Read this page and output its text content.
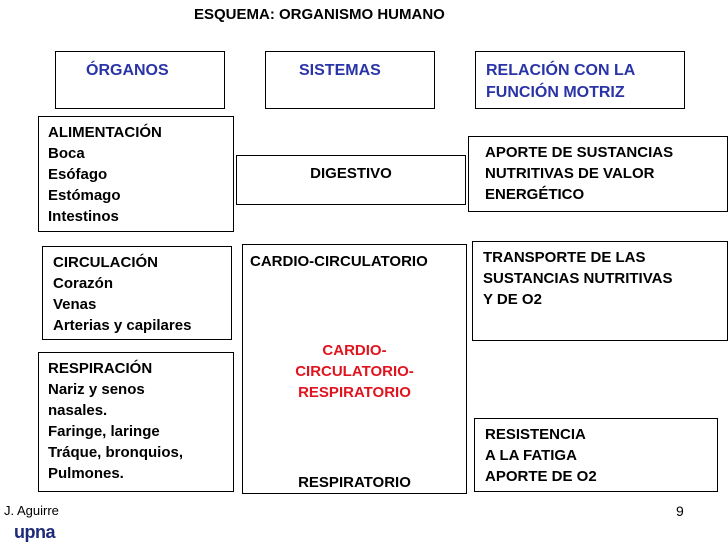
ESQUEMA: ORGANISMO HUMANO
ÓRGANOS	SISTEMAS	RELACIÓN CON LA
FUNCIÓN MOTRIZ
ALIMENTACIÓN
Boca
Esófago
Estómago
Intestinos
CIRCULACIÓN
Corazón
Venas
Arterias y capilares
RESPIRACIÓN
Nariz y senos
nasales.
Faringe, laringe
Tráque, bronquios,
Pulmones.
DIGESTIVO
CARDIO-CIRCULATORIO
CARDIO-
CIRCULATORIO-
RESPIRATORIO
RESPIRATORIO
APORTE DE SUSTANCIAS
NUTRITIVAS DE VALOR
ENERGÉTICO
TRANSPORTE DE LAS
SUSTANCIAS NUTRITIVAS
Y DE O2
RESISTENCIA
A LA FATIGA
APORTE DE O2
J. Aguirre	9
upna
